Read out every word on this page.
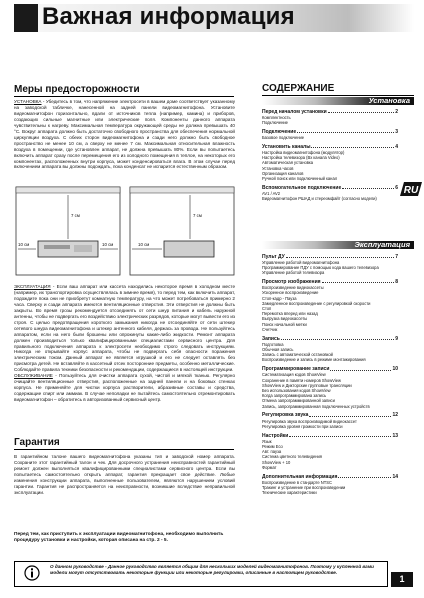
Важная информация
Меры предосторожности

УСТАНОВКА - Убедитесь в том, что напряжение электросети в вашем доме соответствует указанному на заводской табличке, нанесенной на задней панели видеомагнитофона. Установите видеомагнитофон горизонтально, вдали от источников тепла (например, камина) и приборов, создающих сильные магнитные или электрические поля. Компоненты данного аппарата чувствительны к нагреву. Максимальная температура окружающей среды не должна превышать 40 °C. Вокруг аппарата должно быть достаточно свободного пространства для обеспечения нормальной циркуляции воздуха. С обеих сторон видеомагнитофона и сзади него должно быть свободное пространство не менее 10 см, а сверху не менее 7 см. Максимальная относительная влажность воздуха в помещении, где установлен аппарат, не должна превышать 80%. Если вы попытаетесь включить аппарат сразу после перемещения его из холодного помещения в теплое, на некоторых его компонентах, расположенных внутри корпуса, может конденсироваться влага. В этом случае перед включением аппарата вы должны подождать, пока конденсат не испарится естественным образом.

7 см
10 см	10 см
7 см
10 см

ЭКСПЛУАТАЦИЯ - Если ваш аппарат или кассета находились некоторое время в холодном месте (например, их транспортировка осуществлялась в зимнее время), то перед тем, как включить аппарат, подождите пока они не приобретут комнатную температуру, на что может потребоваться примерно 2 часа. Сверху и сзади аппарата имеются вентиляционные отверстия. Эти отверстия не должны быть закрыты. Во время грозы рекомендуется отсоединять от сети шнур питания и кабель наружной антенны, чтобы не подвергать его воздействию электрических разрядов, которые могут вывести его из строя. С целью предотвращения короткого замыкания никогда не отсоединяйте от сети штекер сетевого шнура видеомагнитофона и штекер антенного кабеля, держась за провода. Не пользуйтесь аппаратом, если на него были брошены или опрокинуты какие-либо жидкости. Ремонт аппарата должен производиться только квалифицированными специалистами сервисного центра. Для правильного подключения аппарата к электросети необходимо строго следовать инструкциям. Никогда не открывайте корпус аппарата, чтобы не подвергать себя опасности поражения электрическим током. Данный аппарат не является игрушкой и его не следует оставлять без присмотра детей. Не вставляйте в кассетный отсек посторонние предметы, особенно металлические. Соблюдайте правила техники безопасности и рекомендации, содержащиеся в настоящей инструкции.

ОБСЛУЖИВАНИЕ - Пользуйтесь для очистки аппарата сухой, чистой и мягкой тканью. Регулярно очищайте вентиляционные отверстия, расположенные на задней панели и на боковых стенках корпуса. Не применяйте для чистки корпуса растворители, абразивные составы и средства, содержащие спирт или аммиак. В случае неполадки не пытайтесь самостоятельно отремонтировать видеомагнитофон – обратитесь в авторизованный сервисный центр.

Гарантия
В гарантийном талоне вашего видеомагнитофона указаны тип и заводской номер аппарата. Сохраните этот гарантийный талон и чек. Для досрочного устранения неисправностей гарантийный ремонт должен выполняться квалифицированными специалистами сервисного центра. Если вы попытаетесь самостоятельно открыть аппарат, гарантия прекращает свое действие. Любые изменения конструкции аппарата, выполненные пользователем, являются нарушением условий гарантии. Гарантия не распространяется на неисправности, возникшие вследствие неправильной эксплуатации.
Перед тем, как приступить к эксплуатации видеомагнитофона, необходимо выполнить процедуру установки и настройки, которая описана на стр. 2 - 5.
О данном руководстве - Данное руководство является общим для нескольких моделей видеомагнитофонов. Поэтому у купленной вами модели могут отсутствовать некоторые функции или некоторые регулировки, описанные в настоящем руководстве.
1
СОДЕРЖАНИЕ
Установка
RU
Перед началом установки	2
Комплектность
Подключение
Подключение	3
Базовое подключение
Установить каналы	4
Настройка видеомагнитофона (модулятор)
Настройка телевизора (Вх канала Video)
Автоматическая установка
Установка часов
Организация каналов
Ручной поиск или подключенный канал
Вспомогательное подключение	6
AV1 / AV2
Видеомагнитофон РШАД и стереомфайт (согласно модели)
Эксплуатация
Пульт ДУ	7
Управление работой видеомагнитофона
Программирование ПДУ с помощью кода вашего телевизора
Управление работой телевизора
Просмотр изображения	8
Воспроизведение видеокассеты
Ускоренное воспроизведение
Стоп-кадр - Пауза
Замедленное воспроизведение с регулировкой скорости
Стоп
Перемотка вперед или назад
Выгрузка видеокассеты
Поиск начальной метки
Счетчик
Запись	9
Подготовка
Обычная запись
Запись с автоматической остановкой
Воспроизведение и запись в режиме монтажирования
Программирование записи	10
Систематизация кодов ShowView
Сохранение в памяти номеров ShowView
ShowView и Дикторские групповые трансляции
Без использования кодов ShowView
Когда запрограммирована запись
Отмена запрограммированной записи
Запись, запрограммированная подключенных устройств
Регулировка звука	12
Регулировка звука воспроизводимой видеокассет
Регулировка уровня громкости при записи
Настройки	13
Язык
Режим Eco
Авт. пауза
Система цветного телевидения
ShowView + 10
Формат
Дополнительная информация	14
Воспроизведение в стандарте NTSC
Тракинг и устранение при воспроизведении
Технические характеристики
